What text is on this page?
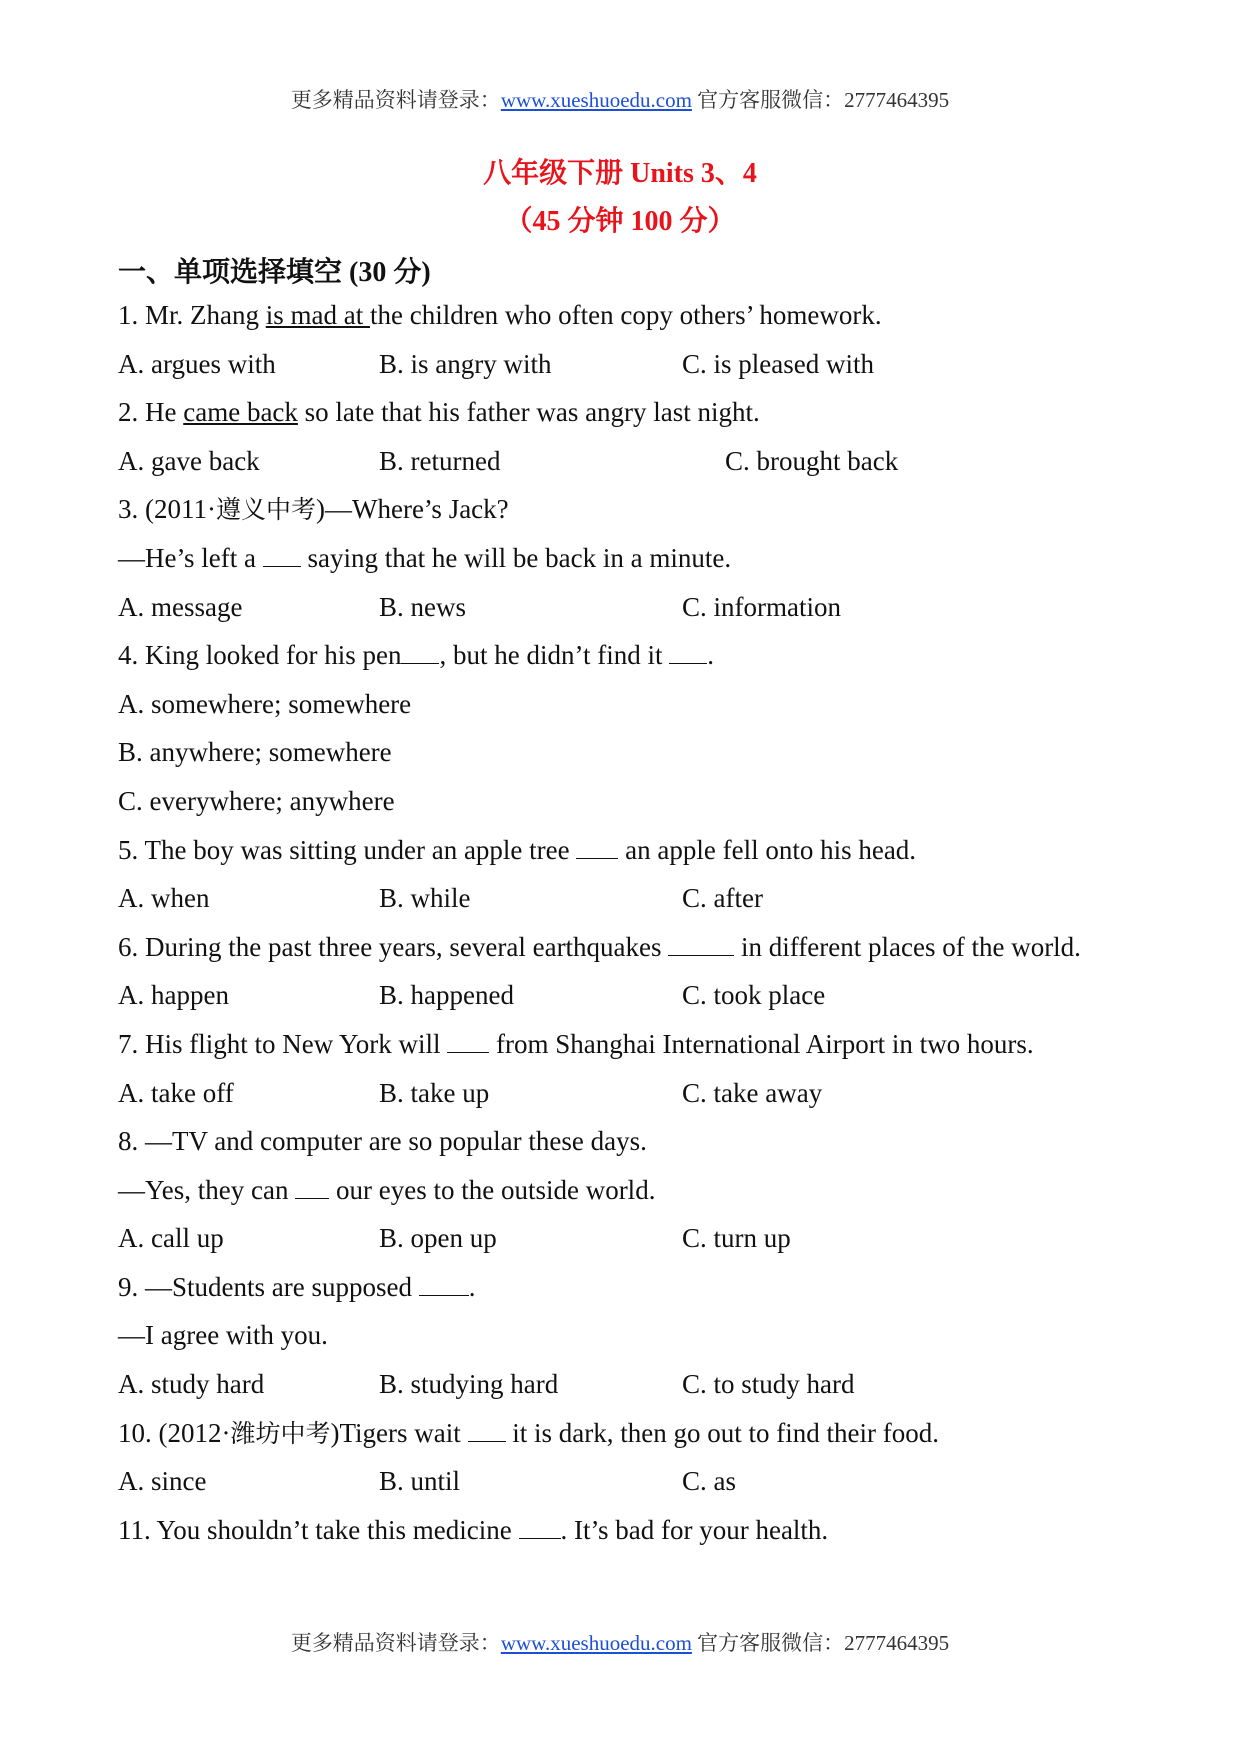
更多精品资料请登录：www.xueshuoedu.com 官方客服微信：2777464395
八年级下册 Units 3、4
（45 分钟 100 分）
一、单项选择填空 (30 分)
1. Mr. Zhang is mad at the children who often copy others’ homework.
A. argues with	B. is angry with	C. is pleased with
2. He came back so late that his father was angry last night.
A. gave back	B. returned	C. brought back
3. (2011·遵义中考)—Where’s Jack?
—He’s left a  saying that he will be back in a minute.
A. message	B. news	C. information
4. King looked for his pen , but he didn’t find it .
A. somewhere; somewhere
B. anywhere; somewhere
C. everywhere; anywhere
5. The boy was sitting under an apple tree  an apple fell onto his head.
A. when	B. while	C. after
6. During the past three years, several earthquakes  in different places of the world.
A. happen	B. happened	C. took place
7. His flight to New York will  from Shanghai International Airport in two hours.
A. take off	B. take up	C. take away
8. —TV and computer are so popular these days.
—Yes, they can  our eyes to the outside world.
A. call up	B. open up	C. turn up
9. —Students are supposed .
—I agree with you.
A. study hard	B. studying hard	C. to study hard
10. (2012·潍坊中考)Tigers wait  it is dark, then go out to find their food.
A. since	B. until	C. as
11. You shouldn’t take this medicine . It’s bad for your health.
更多精品资料请登录：www.xueshuoedu.com 官方客服微信：2777464395
